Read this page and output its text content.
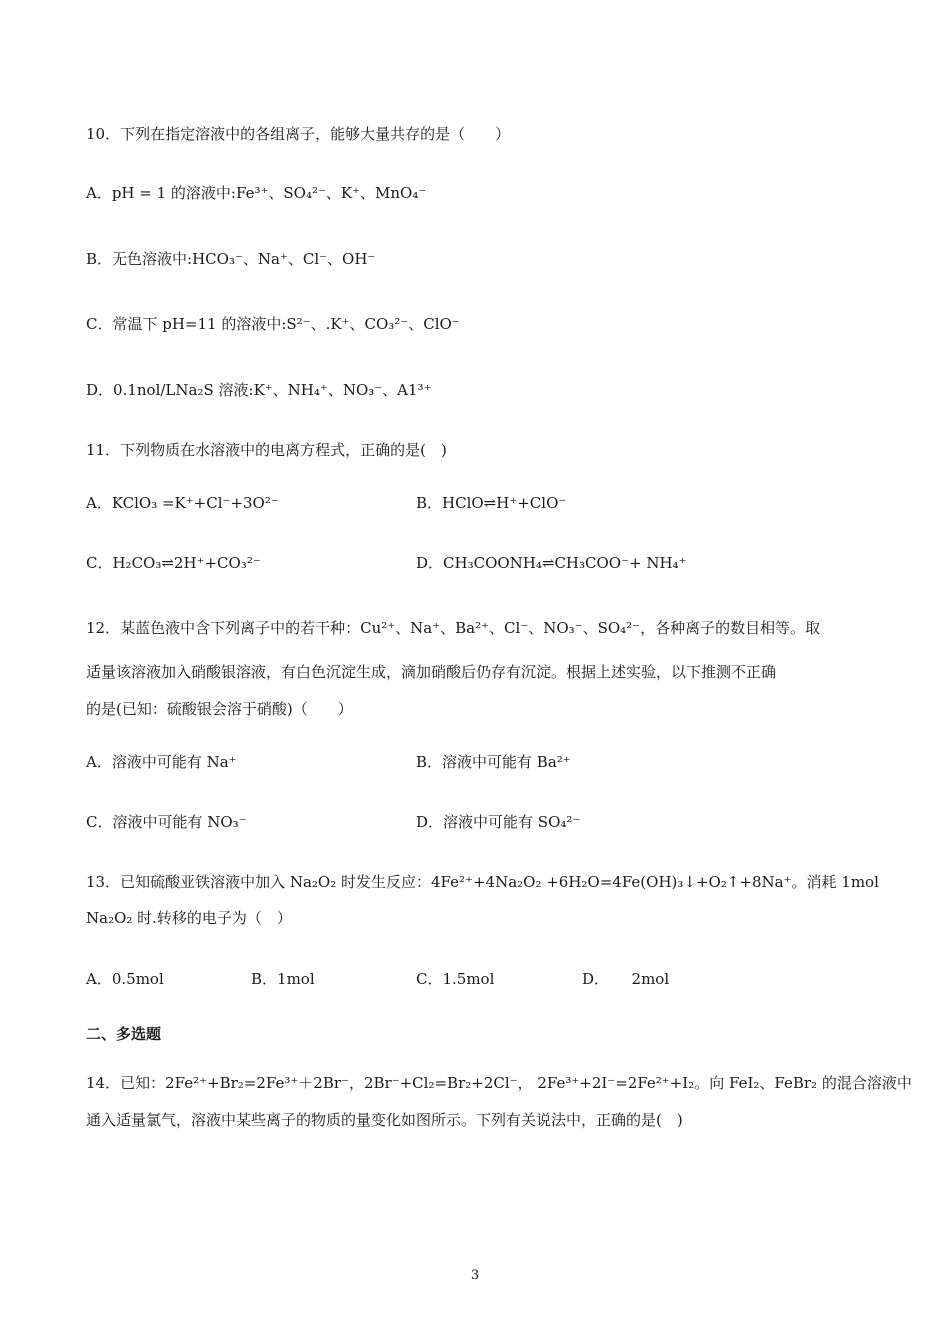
10．下列在指定溶液中的各组离子，能够大量共存的是（　　）
A．pH = 1 的溶液中:Fe³⁺、SO₄²⁻、K⁺、MnO₄⁻
B．无色溶液中:HCO₃⁻、Na⁺、Cl⁻、OH⁻
C．常温下 pH=11 的溶液中:S²⁻、.K⁺、CO₃²⁻、ClO⁻
D．0.1nol/LNa₂S 溶液:K⁺、NH₄⁺、NO₃⁻、A1³⁺
11．下列物质在水溶液中的电离方程式，正确的是(　)
A．KClO₃ =K⁺+Cl⁻+3O²⁻	B．HClO⇌H⁺+ClO⁻
C．H₂CO₃⇌2H⁺+CO₃²⁻	D．CH₃COONH₄⇌CH₃COO⁻+ NH₄⁺
12．某蓝色液中含下列离子中的若干种：Cu²⁺、Na⁺、Ba²⁺、Cl⁻、NO₃⁻、SO₄²⁻，各种离子的数目相等。取
适量该溶液加入硝酸银溶液，有白色沉淀生成，滴加硝酸后仍存有沉淀。根据上述实验，以下推测不正确
的是(已知：硫酸银会溶于硝酸)（　　）
A．溶液中可能有 Na⁺	B．溶液中可能有 Ba²⁺
C．溶液中可能有 NO₃⁻	D．溶液中可能有 SO₄²⁻
13．已知硫酸亚铁溶液中加入 Na₂O₂ 时发生反应：4Fe²⁺+4Na₂O₂ +6H₂O=4Fe(OH)₃↓+O₂↑+8Na⁺。消耗 1mol
Na₂O₂ 时.转移的电子为（　）
A．0.5mol	B．1mol	C．1.5mol	D．　　2mol
二、多选题
14．已知：2Fe²⁺+Br₂=2Fe³⁺＋2Br⁻，2Br⁻+Cl₂=Br₂+2Cl⁻， 2Fe³⁺+2I⁻=2Fe²⁺+I₂。向 FeI₂、FeBr₂ 的混合溶液中
通入适量氯气，溶液中某些离子的物质的量变化如图所示。下列有关说法中，正确的是(　)
3
